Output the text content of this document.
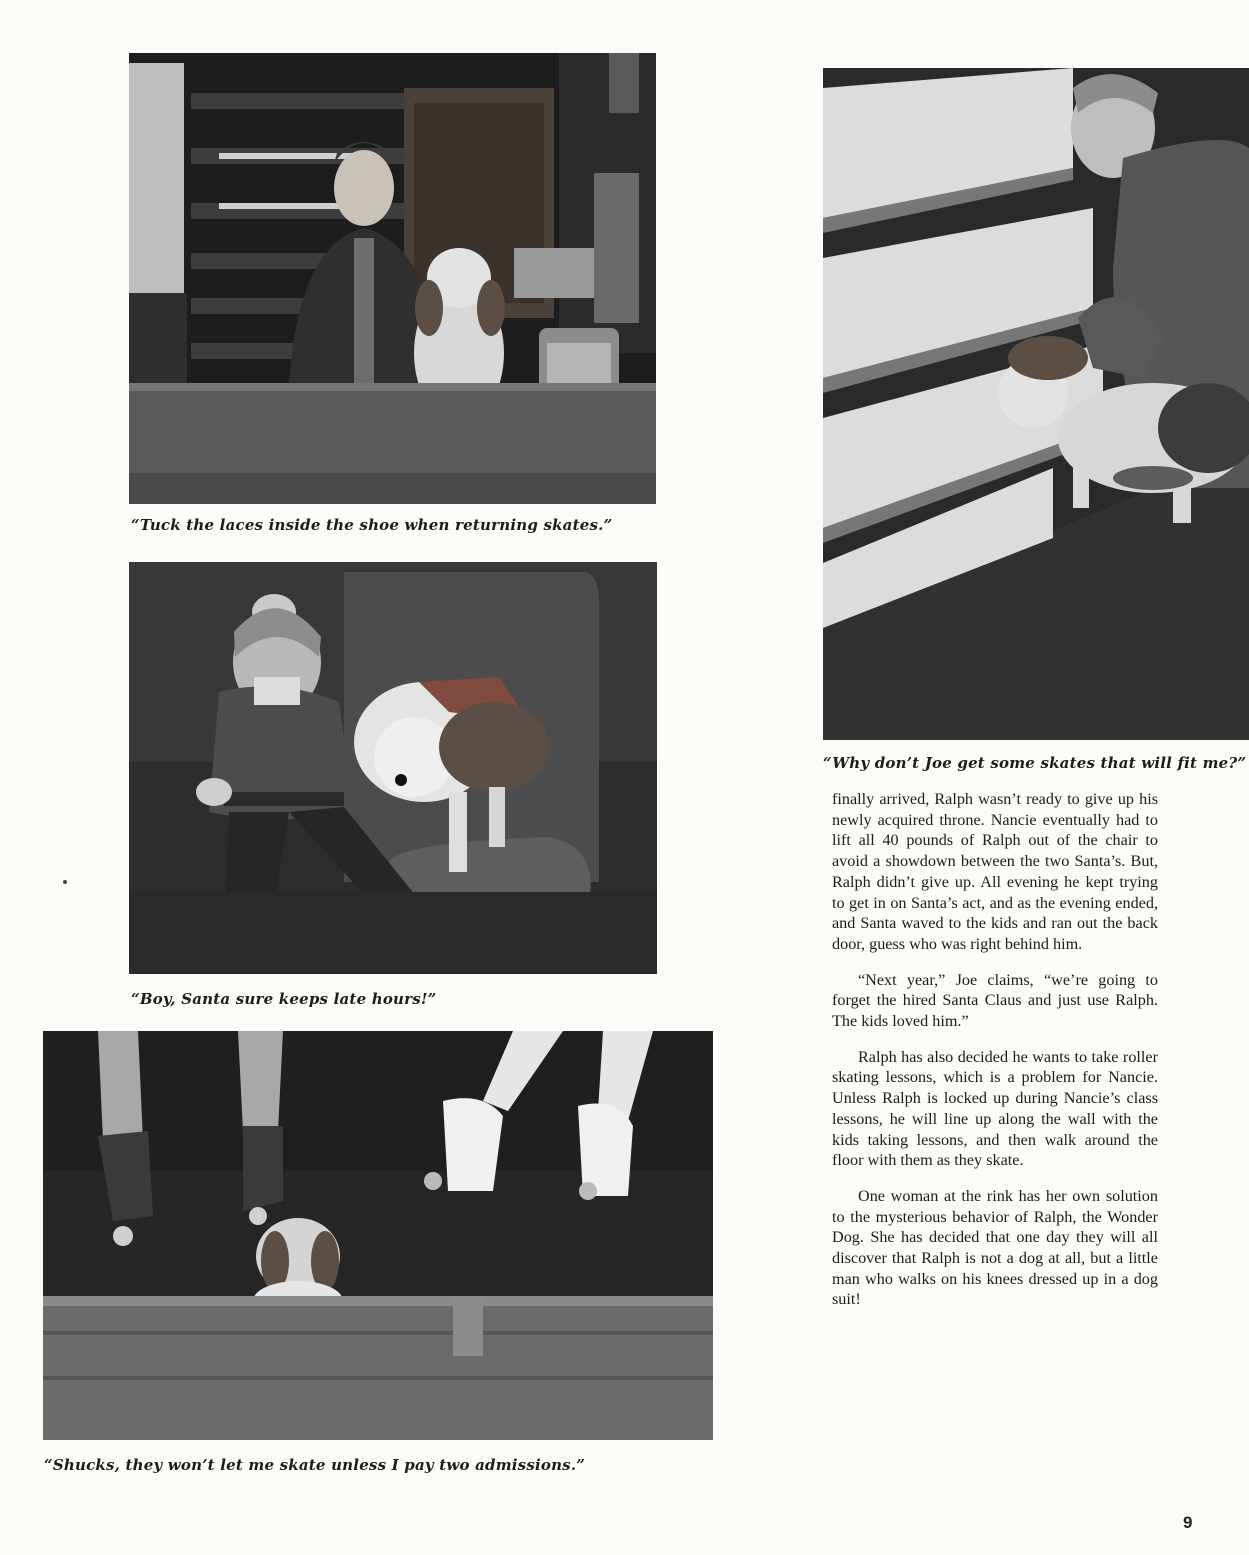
“Tuck the laces inside the shoe when returning skates.”
“Boy, Santa sure keeps late hours!”
“Shucks, they won’t let me skate unless I pay two admissions.”
“Why don’t Joe get some skates that will fit me?”

finally arrived, Ralph wasn’t ready to give up his newly acquired throne. Nancie eventually had to lift all 40 pounds of Ralph out of the chair to avoid a showdown between the two Santa’s. But, Ralph didn’t give up. All evening he kept trying to get in on Santa’s act, and as the evening ended, and Santa waved to the kids and ran out the back door, guess who was right behind him.

“Next year,” Joe claims, “we’re going to forget the hired Santa Claus and just use Ralph. The kids loved him.”

Ralph has also decided he wants to take roller skating lessons, which is a problem for Nancie. Unless Ralph is locked up during Nancie’s class lessons, he will line up along the wall with the kids taking lessons, and then walk around the floor with them as they skate.

One woman at the rink has her own solution to the mysterious behavior of Ralph, the Wonder Dog. She has decided that one day they will all discover that Ralph is not a dog at all, but a little man who walks on his knees dressed up in a dog suit!

9
